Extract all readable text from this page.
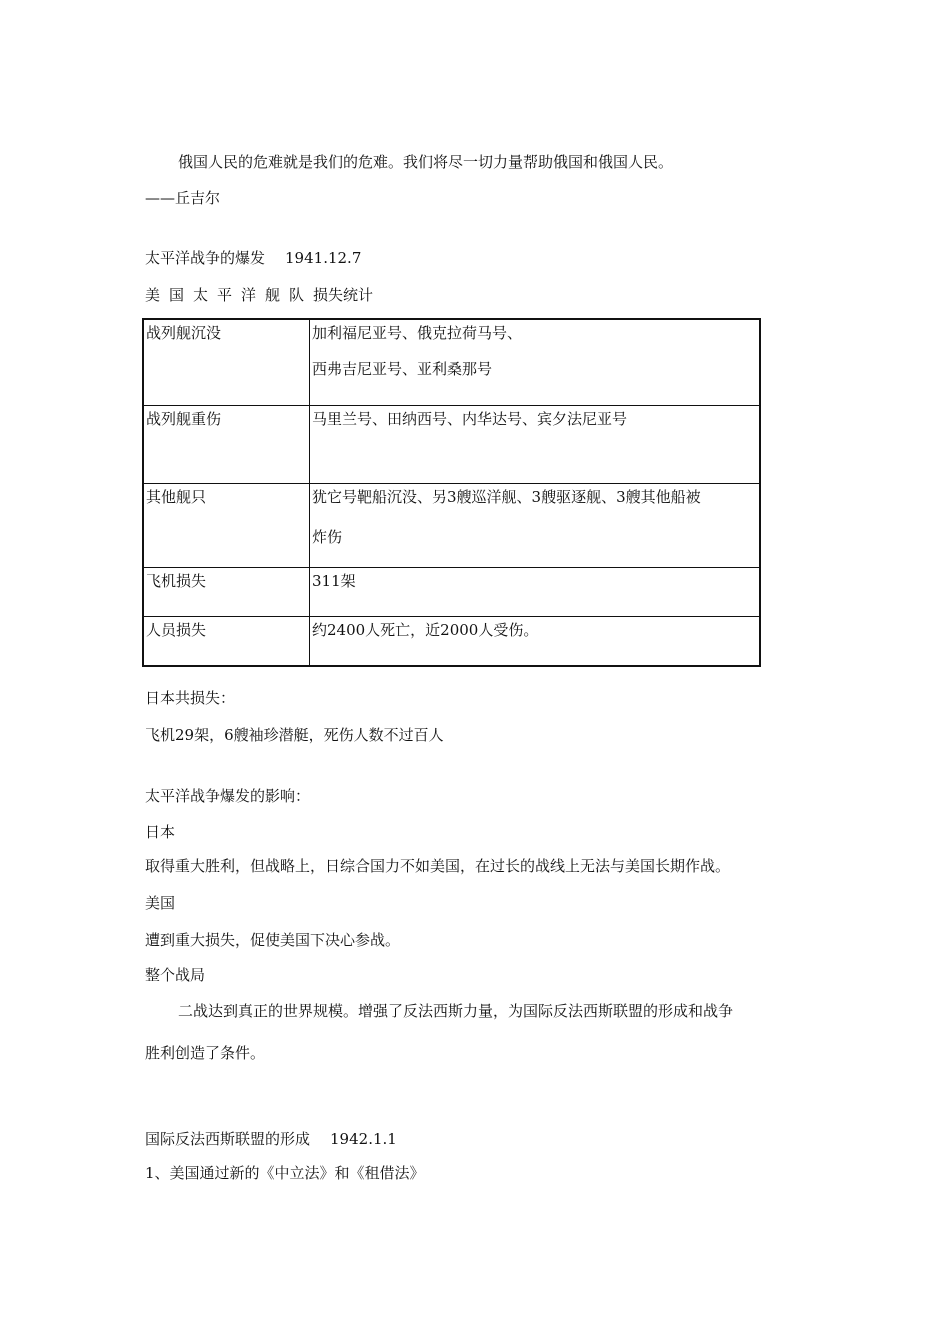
俄国人民的危难就是我们的危难。我们将尽一切力量帮助俄国和俄国人民。
——丘吉尔
太平洋战争的爆发 1941.12.7
美国太平洋舰队损失统计
战列舰沉没	加利福尼亚号、俄克拉荷马号、
西弗吉尼亚号、亚利桑那号

战列舰重伤	马里兰号、田纳西号、内华达号、宾夕法尼亚号

其他舰只	犹它号靶船沉没、另3艘巡洋舰、3艘驱逐舰、3艘其他船被
炸伤

飞机损失	311架

人员损失	约2400人死亡，近2000人受伤。
日本共损失：
飞机29架，6艘袖珍潜艇，死伤人数不过百人
太平洋战争爆发的影响：
日本
取得重大胜利，但战略上，日综合国力不如美国，在过长的战线上无法与美国长期作战。
美国
遭到重大损失，促使美国下决心参战。
整个战局
二战达到真正的世界规模。增强了反法西斯力量，为国际反法西斯联盟的形成和战争
胜利创造了条件。
国际反法西斯联盟的形成 1942.1.1
1、美国通过新的《中立法》和《租借法》
